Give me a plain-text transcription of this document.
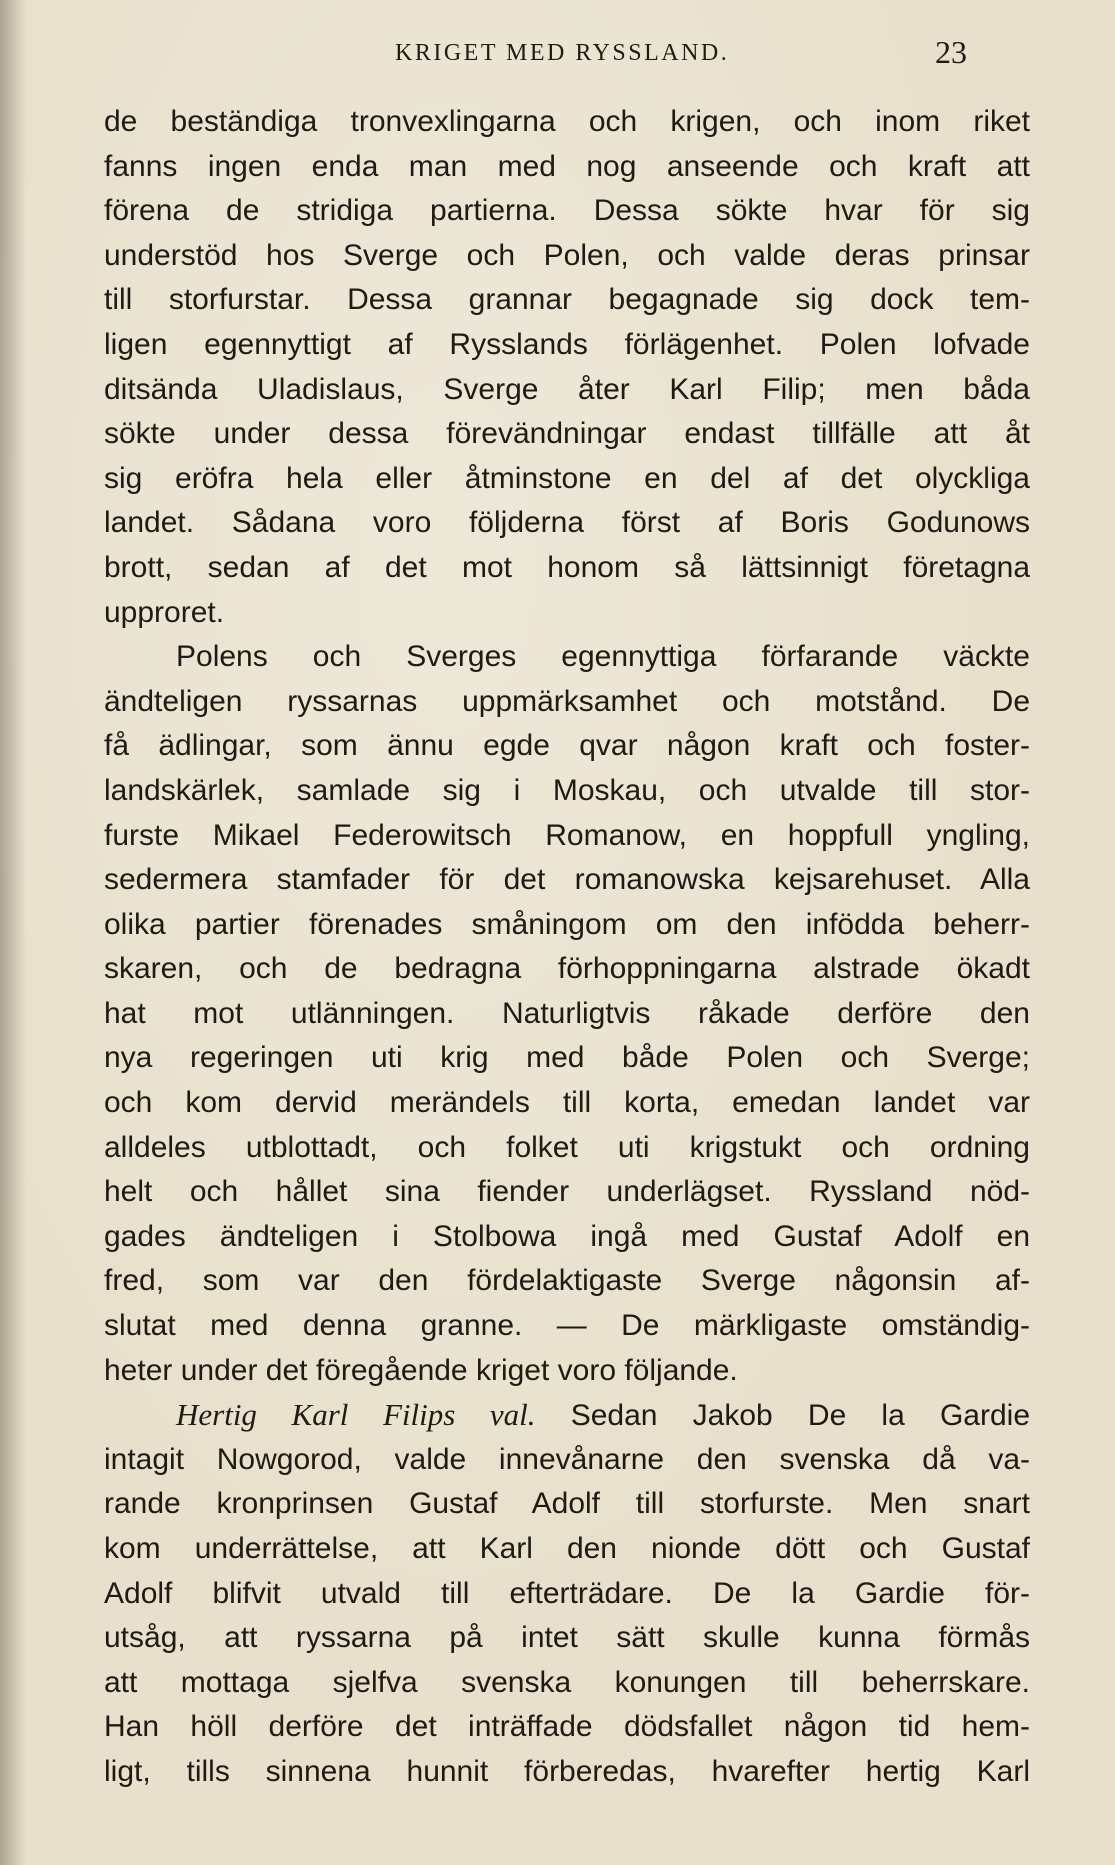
KRIGET MED RYSSLAND.	23
de beständiga tronvexlingarna och krigen, och inom riket
fanns ingen enda man med nog anseende och kraft att
förena de stridiga partierna. Dessa sökte hvar för sig
understöd hos Sverge och Polen, och valde deras prinsar
till storfurstar. Dessa grannar begagnade sig dock tem-
ligen egennyttigt af Rysslands förlägenhet. Polen lofvade
ditsända Uladislaus, Sverge åter Karl Filip; men båda
sökte under dessa förevändningar endast tillfälle att åt
sig eröfra hela eller åtminstone en del af det olyckliga
landet. Sådana voro följderna först af Boris Godunows
brott, sedan af det mot honom så lättsinnigt företagna
upproret.
Polens och Sverges egennyttiga förfarande väckte
ändteligen ryssarnas uppmärksamhet och motstånd. De
få ädlingar, som ännu egde qvar någon kraft och foster-
landskärlek, samlade sig i Moskau, och utvalde till stor-
furste Mikael Federowitsch Romanow, en hoppfull yngling,
sedermera stamfader för det romanowska kejsarehuset. Alla
olika partier förenades småningom om den infödda beherr-
skaren, och de bedragna förhoppningarna alstrade ökadt
hat mot utlänningen. Naturligtvis råkade derföre den
nya regeringen uti krig med både Polen och Sverge;
och kom dervid merändels till korta, emedan landet var
alldeles utblottadt, och folket uti krigstukt och ordning
helt och hållet sina fiender underlägset. Ryssland nöd-
gades ändteligen i Stolbowa ingå med Gustaf Adolf en
fred, som var den fördelaktigaste Sverge någonsin af-
slutat med denna granne. — De märkligaste omständig-
heter under det föregående kriget voro följande.
Hertig Karl Filips val. Sedan Jakob De la Gardie
intagit Nowgorod, valde innevånarne den svenska då va-
rande kronprinsen Gustaf Adolf till storfurste. Men snart
kom underrättelse, att Karl den nionde dött och Gustaf
Adolf blifvit utvald till efterträdare. De la Gardie för-
utsåg, att ryssarna på intet sätt skulle kunna förmås
att mottaga sjelfva svenska konungen till beherrskare.
Han höll derföre det inträffade dödsfallet någon tid hem-
ligt, tills sinnena hunnit förberedas, hvarefter hertig Karl
